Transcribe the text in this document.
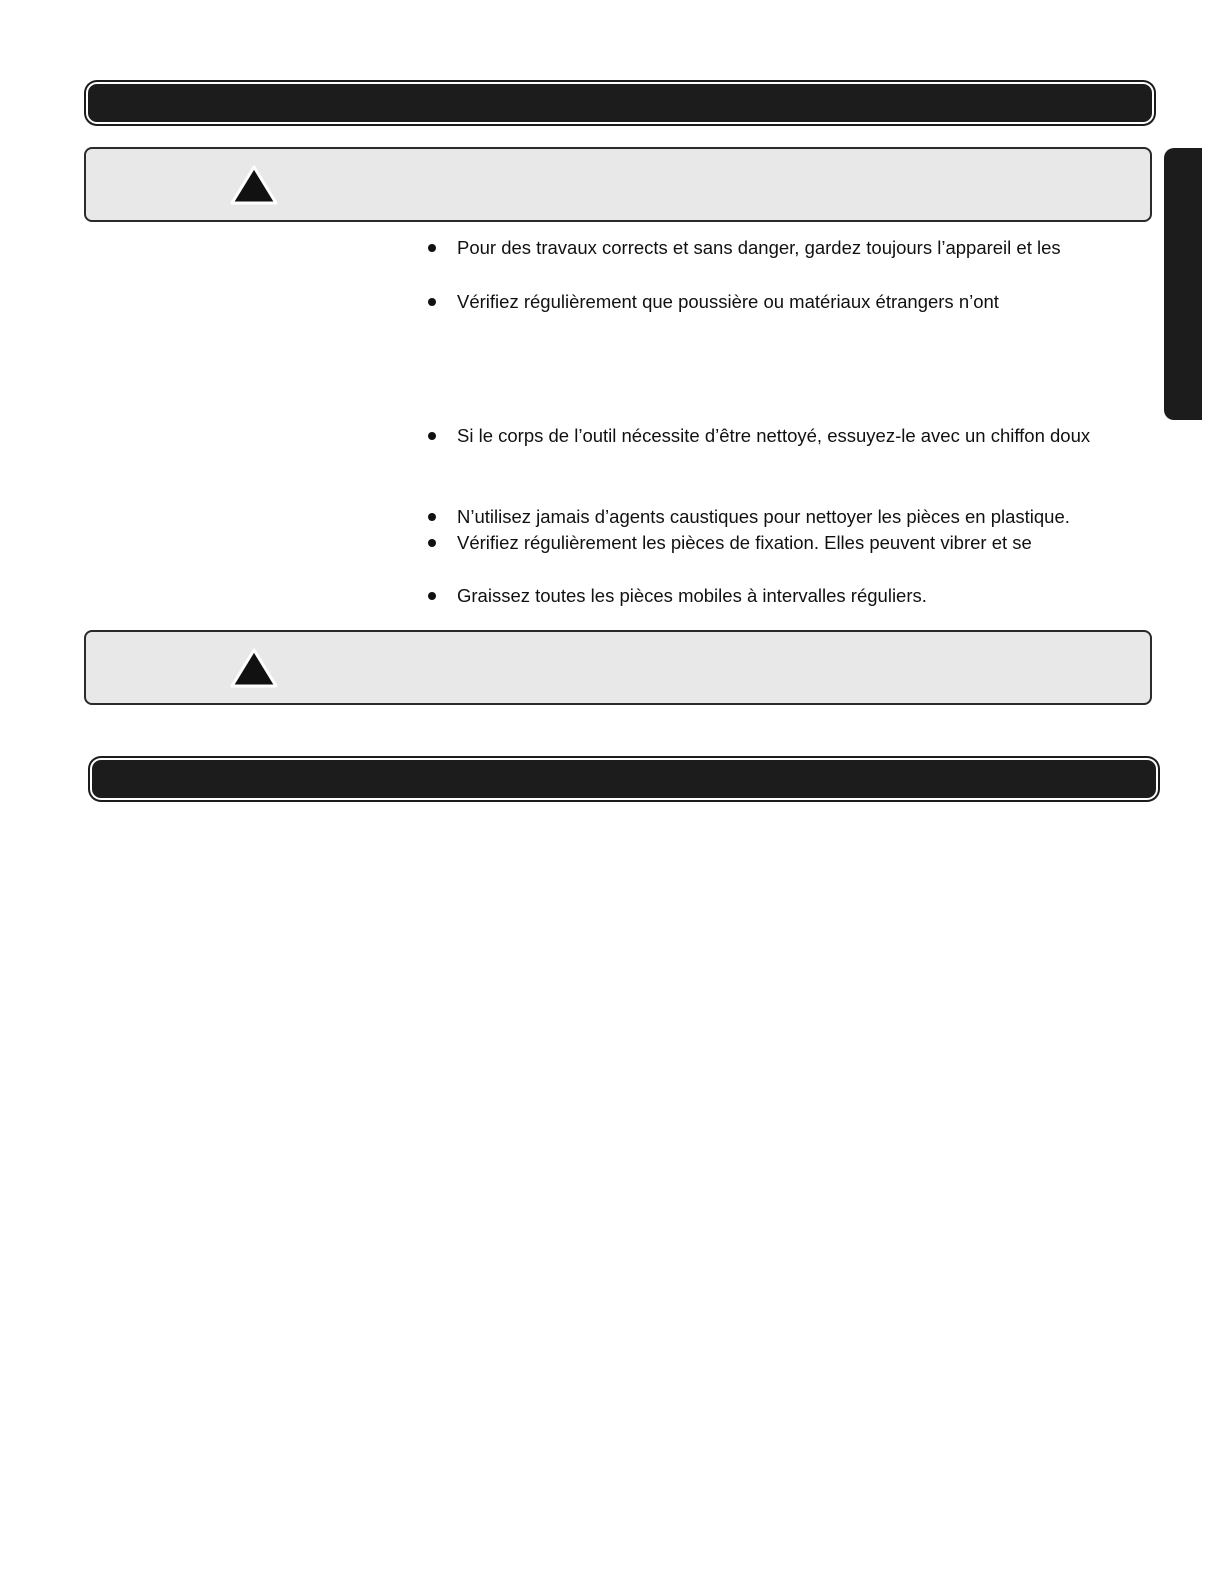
Pour des travaux corrects et sans danger, gardez toujours l’appareil et les
Vérifiez régulièrement que poussière ou matériaux étrangers n’ont
Si le corps de l’outil nécessite d’être nettoyé, essuyez-le avec un chiffon doux
N’utilisez jamais d’agents caustiques pour nettoyer les pièces en plastique.
Vérifiez régulièrement les pièces de fixation. Elles peuvent vibrer et se
Graissez toutes les pièces mobiles à intervalles réguliers.
